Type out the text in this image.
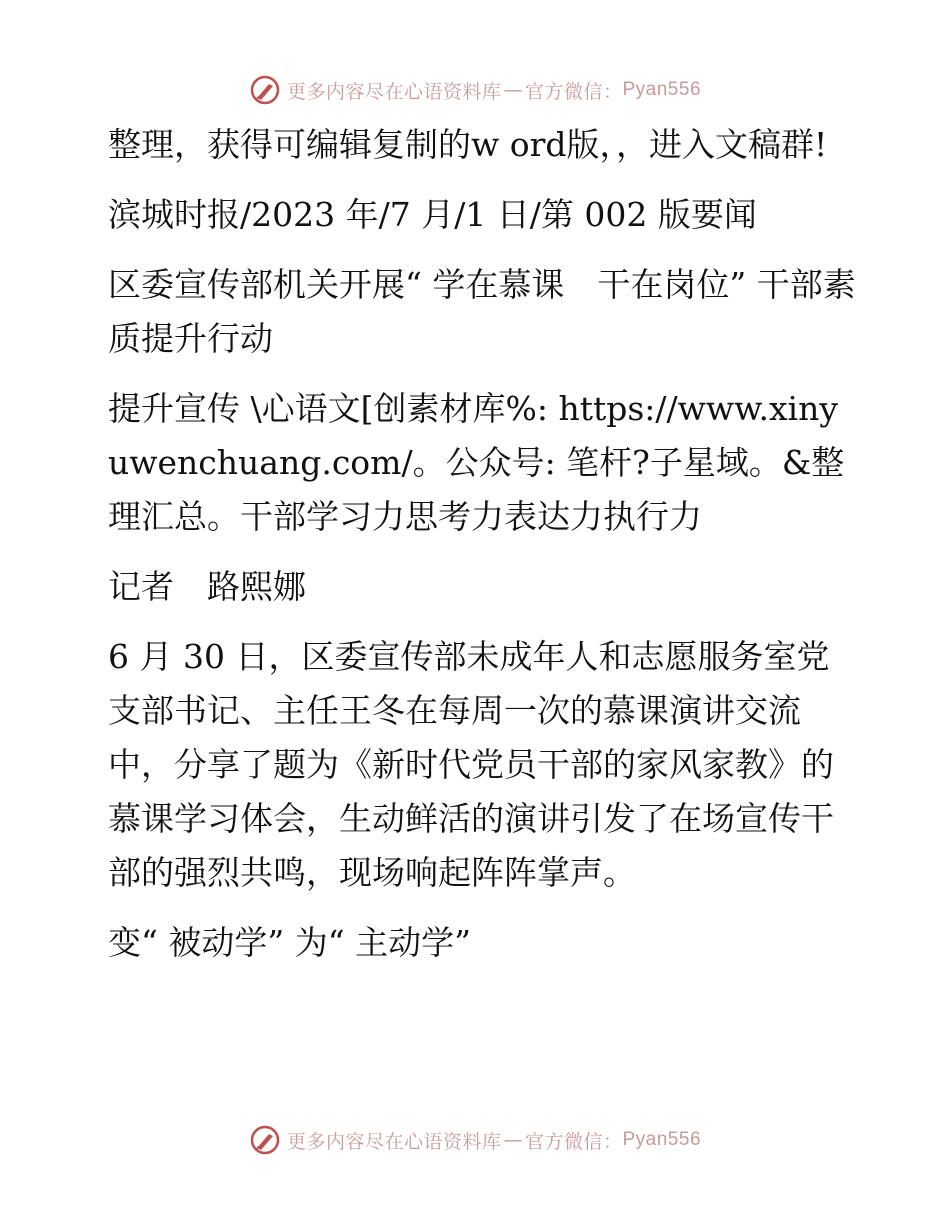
更多内容尽在心语资料库 — 官方微信： Pyan556

整理，获得可编辑复制的w ord版，，进入文稿群!

滨城时报/2023 年/7 月/1 日/第 002 版要闻

区委宣传部机关开展“ 学在慕课　干在岗位” 干部素质提升行动

提升宣传 \心语文[创素材库%: https://www.xinyuwenchuang.com/。公众号: 笔杆?子星域。&整理汇总。干部学习力思考力表达力执行力

记者　路熙娜

6 月 30 日，区委宣传部未成年人和志愿服务室党支部书记、主任王冬在每周一次的慕课演讲交流中，分享了题为《新时代党员干部的家风家教》的慕课学习体会，生动鲜活的演讲引发了在场宣传干部的强烈共鸣，现场响起阵阵掌声。

变“ 被动学” 为“ 主动学”

更多内容尽在心语资料库 — 官方微信： Pyan556
